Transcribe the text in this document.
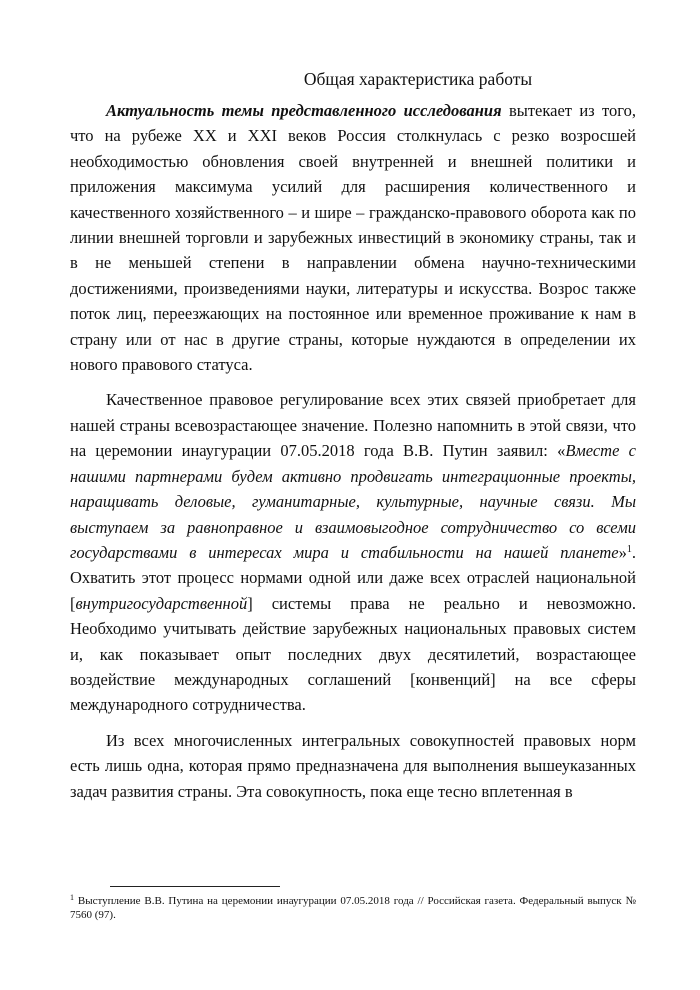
Общая характеристика работы

Актуальность темы представленного исследования вытекает из того, что на рубеже XX и XXI веков Россия столкнулась с резко возросшей необходимостью обновления своей внутренней и внешней политики и приложения максимума усилий для расширения количественного и качественного хозяйственного – и шире – гражданско-правового оборота как по линии внешней торговли и зарубежных инвестиций в экономику страны, так и в не меньшей степени в направлении обмена научно-техническими достижениями, произведениями науки, литературы и искусства. Возрос также поток лиц, переезжающих на постоянное или временное проживание к нам в страну или от нас в другие страны, которые нуждаются в определении их нового правового статуса.

Качественное правовое регулирование всех этих связей приобретает для нашей страны всевозрастающее значение. Полезно напомнить в этой связи, что на церемонии инаугурации 07.05.2018 года В.В. Путин заявил: «Вместе с нашими партнерами будем активно продвигать интеграционные проекты, наращивать деловые, гуманитарные, культурные, научные связи. Мы выступаем за равноправное и взаимовыгодное сотрудничество со всеми государствами в интересах мира и стабильности на нашей планете»$^1$. Охватить этот процесс нормами одной или даже всех отраслей национальной [внутригосударственной] системы права не реально и невозможно. Необходимо учитывать действие зарубежных национальных правовых систем и, как показывает опыт последних двух десятилетий, возрастающее воздействие международных соглашений [конвенций] на все сферы международного сотрудничества.

Из всех многочисленных интегральных совокупностей правовых норм есть лишь одна, которая прямо предназначена для выполнения вышеуказанных задач развития страны. Эта совокупность, пока еще тесно вплетенная в

$^1$ Выступление В.В. Путина на церемонии инаугурации 07.05.2018 года // Российская газета. Федеральный выпуск № 7560 (97).
